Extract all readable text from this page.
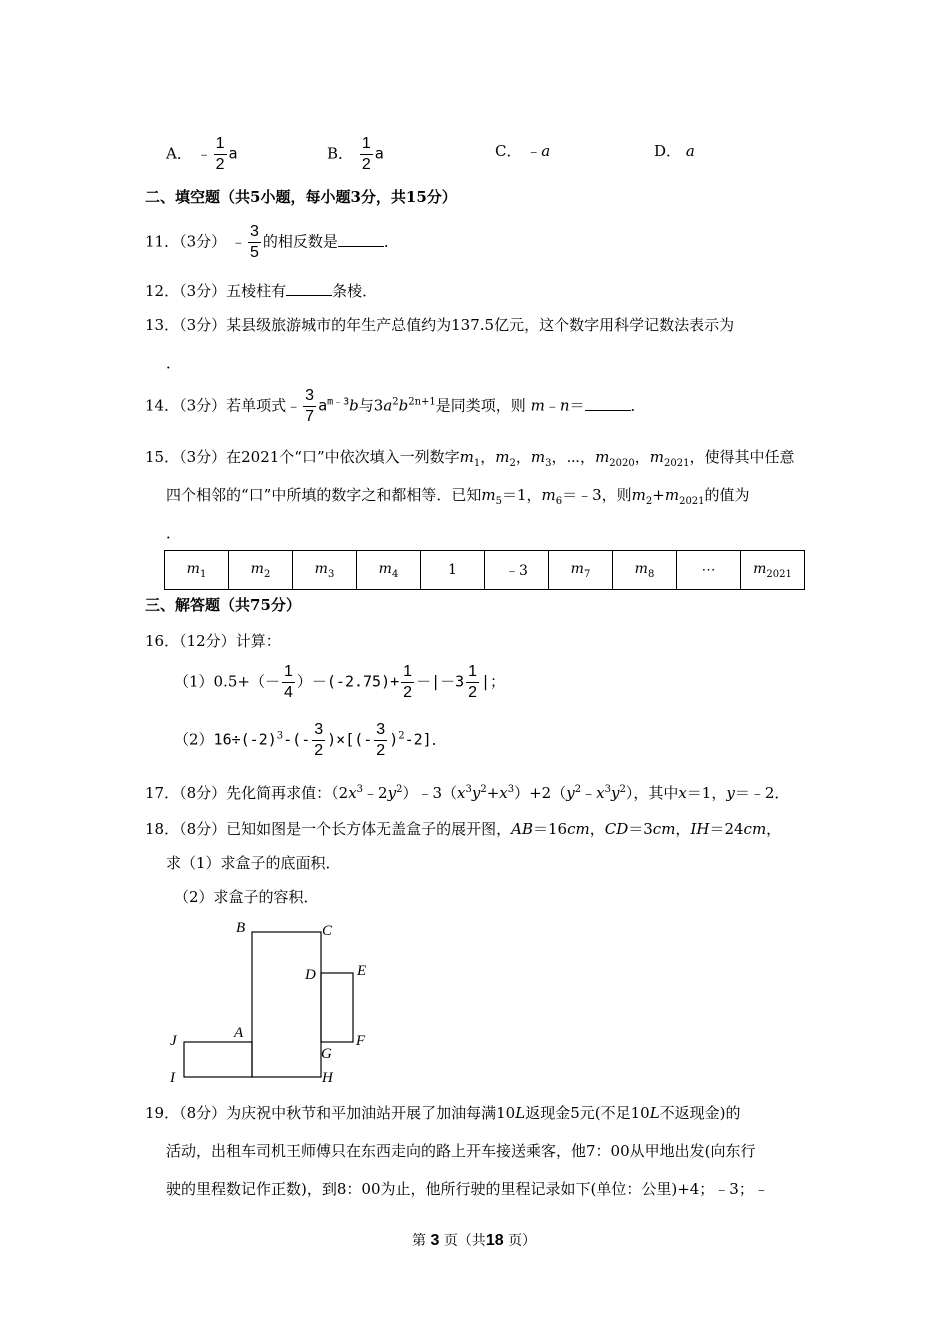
A． ﹣ $\frac{1}{2}$ a	B． $\frac{1}{2}$ a	C． ﹣a	D． a
二、填空题（共5小题，每小题3分，共15分）
11．（3分） ﹣ $\frac{3}{5}$ 的相反数是	．
12．（3分）五棱柱有	条棱．
13．（3分）某县级旅游城市的年生产总值约为137.5亿元，这个数字用科学记数法表示为
．
14．（3分）若单项式﹣ $\frac{3}{7} a^{m﹣3}b$与$3a^2b^{2n+1}$是同类项，则 m﹣n＝	．
15．（3分）在2021个“口”中依次填入一列数字$m_1$，$m_2$，$m_3$，⋯，$m_{2020}$，$m_{2021}$，使得其中任意
四个相邻的“口”中所填的数字之和都相等．已知$m_5=1$，$m_6=﹣3$，则$m_2+m_{2021}$的值为
．
$m_1$	$m_2$	$m_3$	$m_4$	1	﹣3	$m_7$	$m_8$	⋯	$m_{2021}$
三、解答题（共75分）
16．（12分）计算：
$(1)0.5+(- \frac{1}{4} )-(-2.75)+ \frac{1}{2} -|-3 \frac{1}{2}$ |；
$(2)16\div(-2)^3-(- \frac{3}{2}$ )×[(- $\frac{3}{2} )^2-2$]．
17．（8分）先化简再求值：$(2x^3﹣2y^2)﹣3(x^3y^2+x^3)+2(y^2﹣x^3y^2)$，其中x＝1，y＝﹣2．
18．（8分）已知如图是一个长方体无盖盒子的展开图，AB＝16cm，CD＝3cm，IH＝24cm，
求（1）求盒子的底面积．
（2）求盒子的容积．
B	C
D	E
J	A
G
F
I	H
19．（8分）为庆祝中秋节和平加油站开展了加油每满10L返现金5元(不足10L不返现金)的
活动，出租车司机王师傅只在东西走向的路上开车接送乘客，他7：00从甲地出发(向东行
驶的里程数记作正数)，到8：00为止，他所行驶的里程记录如下(单位：公里)+4；﹣3；﹣
第 3 页（共18 页）
